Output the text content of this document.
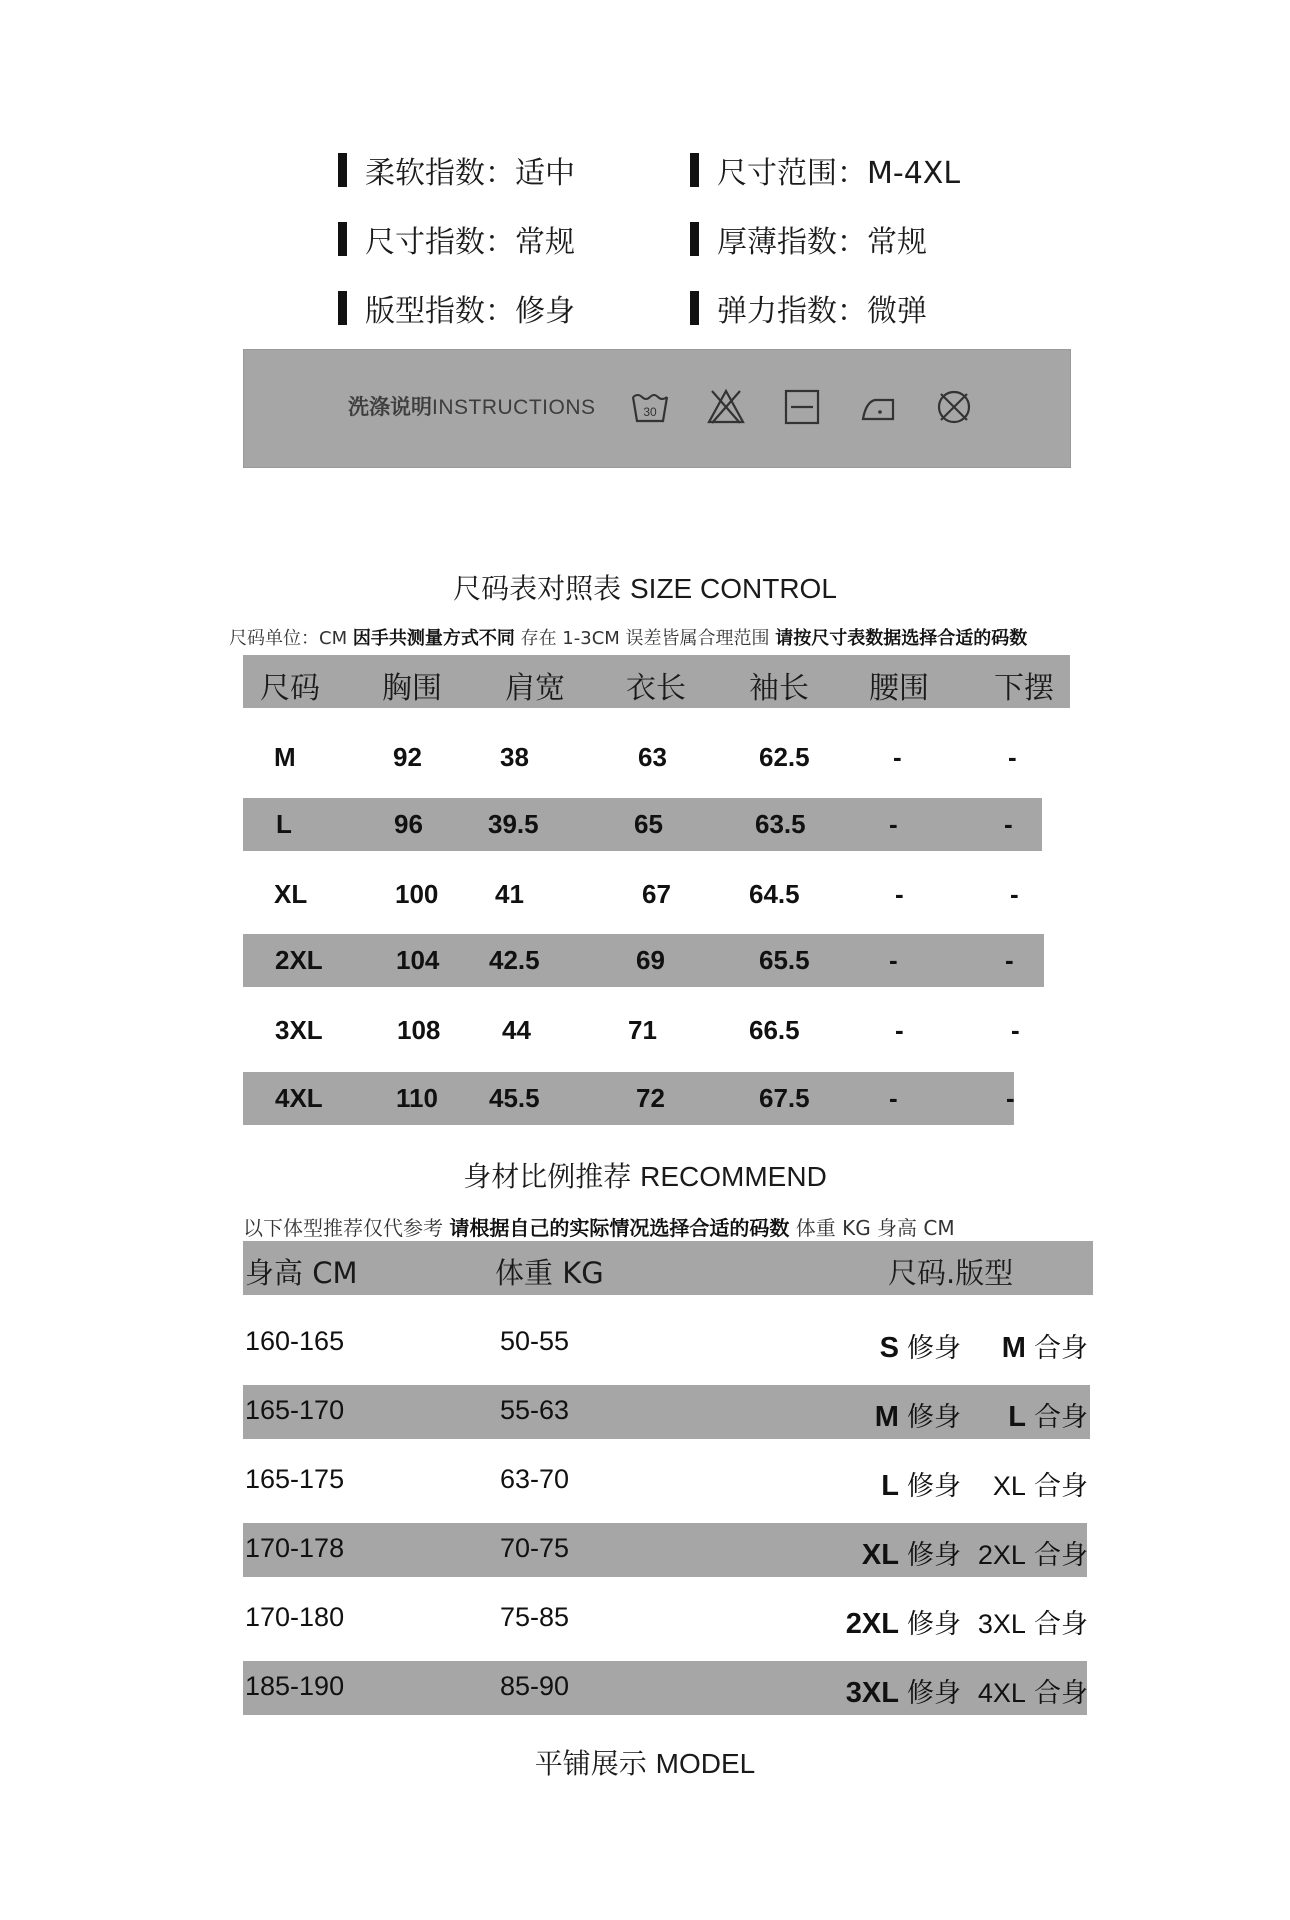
柔软指数：适中	尺寸范围：M-4XL
尺寸指数：常规	厚薄指数：常规
版型指数：修身	弹力指数：微弹
洗涤说明INSTRUCTIONS	30
尺码表对照表 SIZE CONTROL
尺码单位：CM 因手共测量方式不同 存在 1-3CM 误差皆属合理范围 请按尺寸表数据选择合适的码数
尺码 胸围 肩宽 衣长 袖长 腰围 下摆
M	92	38	63	62.5	-	-
L	96	39.5	65	63.5	-	-
XL	100 41	67	64.5	-	-
2XL	104 42.5	69	65.5	-	-
3XL	108 44	71	66.5	-	-
4XL	110 45.5	72	67.5	-	-
身材比例推荐 RECOMMEND
以下体型推荐仅代参考 请根据自己的实际情况选择合适的码数 体重 KG 身高 CM
身高 CM	体重 KG	尺码.版型
160-165	50-55	S 修身	M 合身
165-170	55-63	M 修身	L 合身
165-175	63-70	L 修身	XL 合身
170-178	70-75	XL 修身 2XL 合身
170-180	75-85	2XL 修身 3XL 合身
185-190	85-90	3XL 修身 4XL 合身
平铺展示 MODEL
